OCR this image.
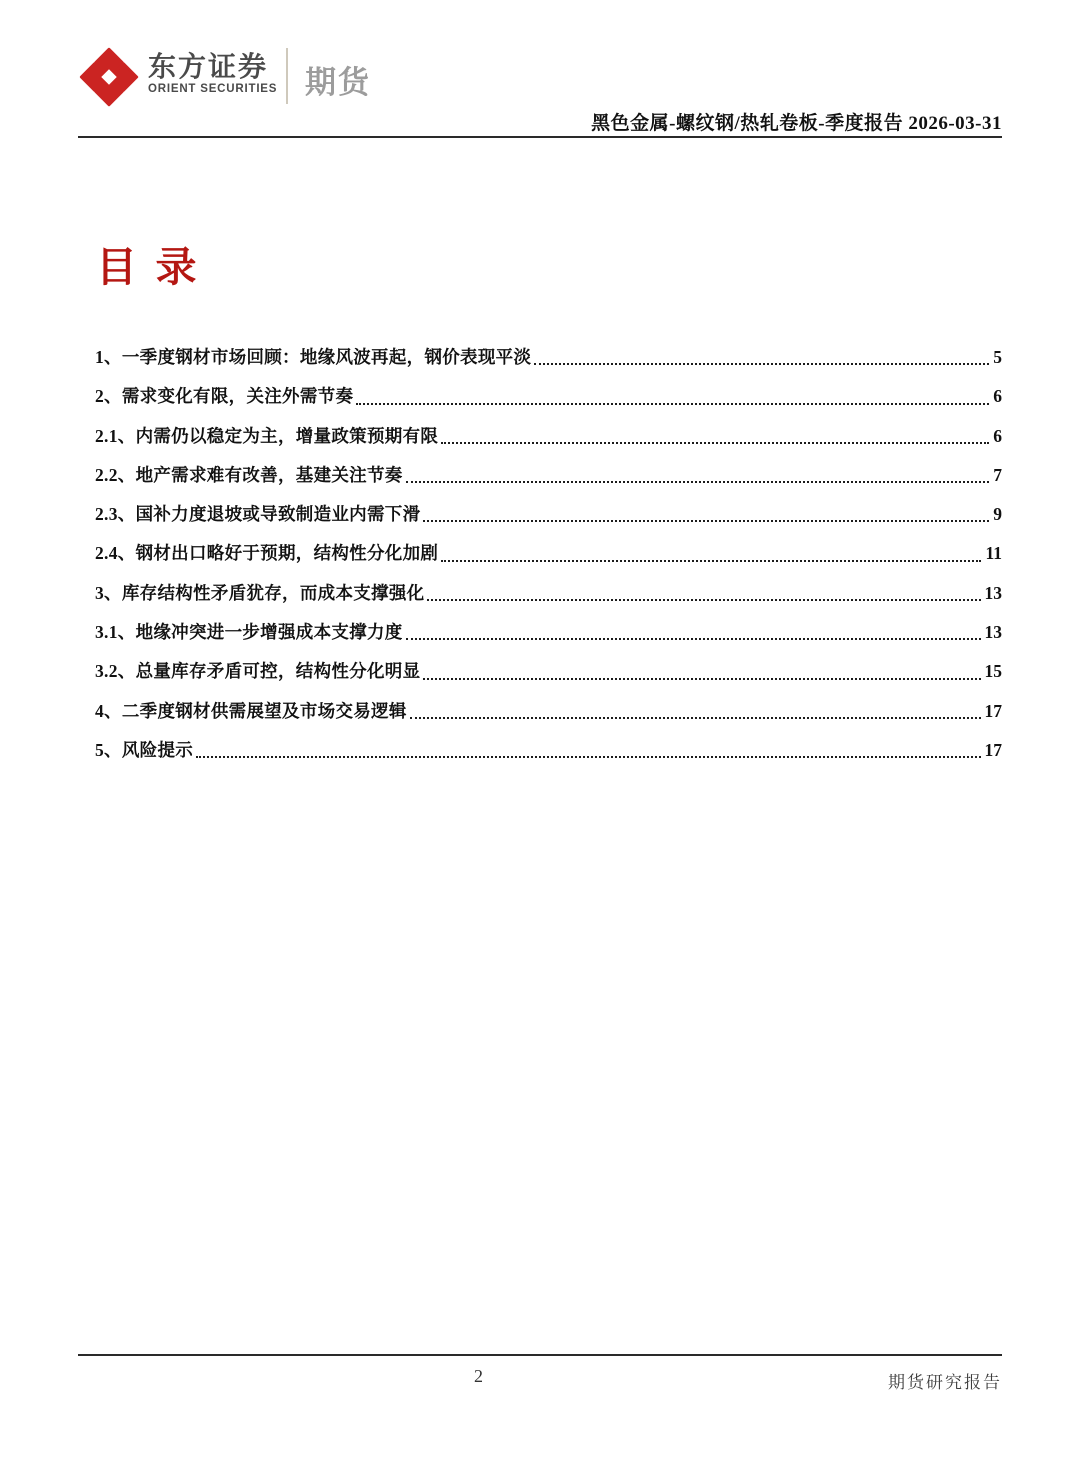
东方证券
ORIENT SECURITIES 期货
黑色金属-螺纹钢/热轧卷板-季度报告 2026-03-31
目录
1、一季度钢材市场回顾：地缘风波再起，钢价表现平淡	5
2、需求变化有限，关注外需节奏	6
2.1、内需仍以稳定为主，增量政策预期有限	6
2.2、地产需求难有改善，基建关注节奏	7
2.3、国补力度退坡或导致制造业内需下滑	9
2.4、钢材出口略好于预期，结构性分化加剧	11
3、库存结构性矛盾犹存，而成本支撑强化	13
3.1、地缘冲突进一步增强成本支撑力度	13
3.2、总量库存矛盾可控，结构性分化明显	15
4、二季度钢材供需展望及市场交易逻辑	17
5、风险提示	17
2	期货研究报告
